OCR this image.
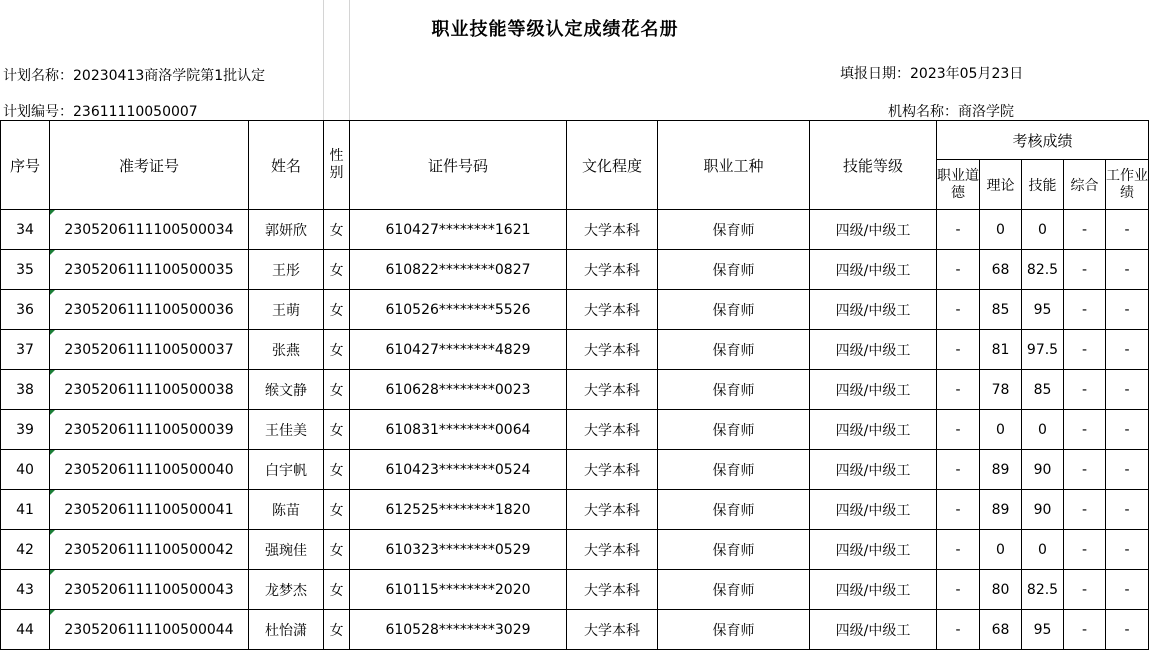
职业技能等级认定成绩花名册
计划名称：20230413商洛学院第1批认定	填报日期：2023年05月23日
计划编号：23611110050007	机构名称：商洛学院
序号	准考证号	姓名	性别	证件号码	文化程度	职业工种	技能等级	考核成绩				
								职业道德	理论	技能	综合	工作业绩
34	2305206111100500034	郭妍欣	女	610427********1621	大学本科	保育师	四级/中级工	-	0	0	-	-
35	2305206111100500035	王彤	女	610822********0827	大学本科	保育师	四级/中级工	-	68	82.5	-	-
36	2305206111100500036	王萌	女	610526********5526	大学本科	保育师	四级/中级工	-	85	95	-	-
37	2305206111100500037	张燕	女	610427********4829	大学本科	保育师	四级/中级工	-	81	97.5	-	-
38	2305206111100500038	缑文静	女	610628********0023	大学本科	保育师	四级/中级工	-	78	85	-	-
39	2305206111100500039	王佳美	女	610831********0064	大学本科	保育师	四级/中级工	-	0	0	-	-
40	2305206111100500040	白宇帆	女	610423********0524	大学本科	保育师	四级/中级工	-	89	90	-	-
41	2305206111100500041	陈苗	女	612525********1820	大学本科	保育师	四级/中级工	-	89	90	-	-
42	2305206111100500042	强琬佳	女	610323********0529	大学本科	保育师	四级/中级工	-	0	0	-	-
43	2305206111100500043	龙梦杰	女	610115********2020	大学本科	保育师	四级/中级工	-	80	82.5	-	-
44	2305206111100500044	杜怡潇	女	610528********3029	大学本科	保育师	四级/中级工	-	68	95	-	-
